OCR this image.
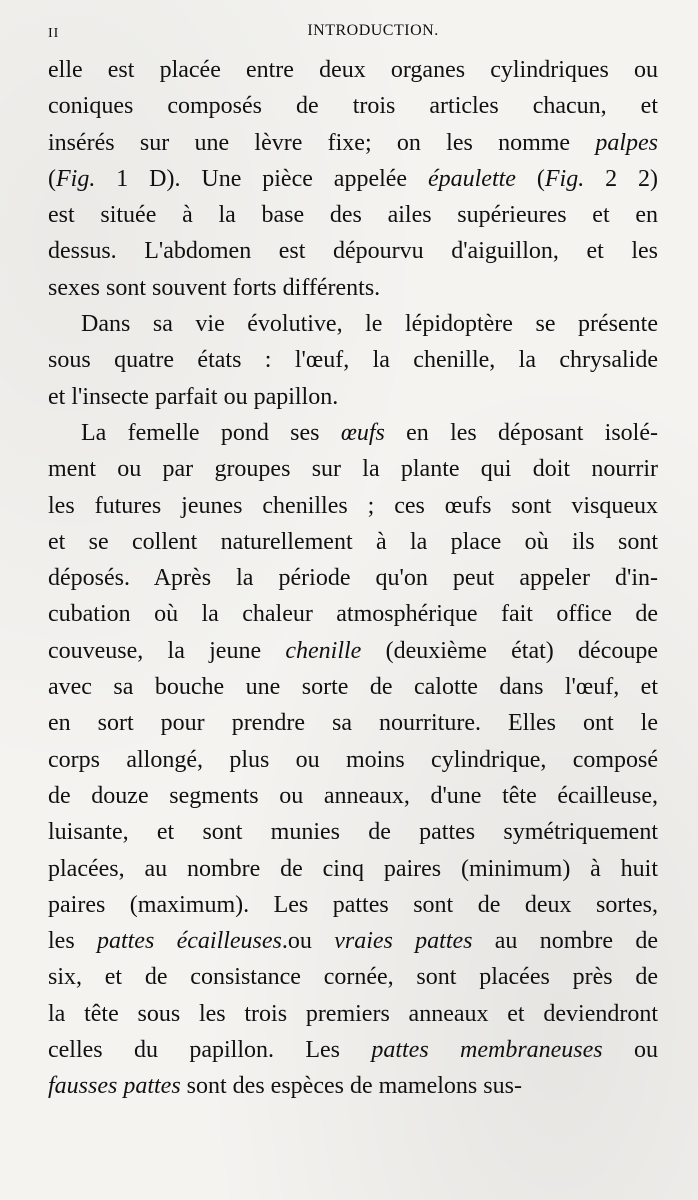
II	INTRODUCTION.
elle est placée entre deux organes cylindriques ou
coniques composés de trois articles chacun, et
insérés sur une lèvre fixe; on les nomme palpes
(Fig. 1 D). Une pièce appelée épaulette (Fig. 2 2)
est située à la base des ailes supérieures et en
dessus. L'abdomen est dépourvu d'aiguillon, et les
sexes sont souvent forts différents.
Dans sa vie évolutive, le lépidoptère se présente
sous quatre états : l'œuf, la chenille, la chrysalide
et l'insecte parfait ou papillon.
La femelle pond ses œufs en les déposant isolé-
ment ou par groupes sur la plante qui doit nourrir
les futures jeunes chenilles ; ces œufs sont visqueux
et se collent naturellement à la place où ils sont
déposés. Après la période qu'on peut appeler d'in-
cubation où la chaleur atmosphérique fait office de
couveuse, la jeune chenille (deuxième état) découpe
avec sa bouche une sorte de calotte dans l'œuf, et
en sort pour prendre sa nourriture. Elles ont le
corps allongé, plus ou moins cylindrique, composé
de douze segments ou anneaux, d'une tête écailleuse,
luisante, et sont munies de pattes symétriquement
placées, au nombre de cinq paires (minimum) à huit
paires (maximum). Les pattes sont de deux sortes,
les pattes écailleuses.ou vraies pattes au nombre de
six, et de consistance cornée, sont placées près de
la tête sous les trois premiers anneaux et deviendront
celles du papillon. Les pattes membraneuses ou
fausses pattes sont des espèces de mamelons sus-
